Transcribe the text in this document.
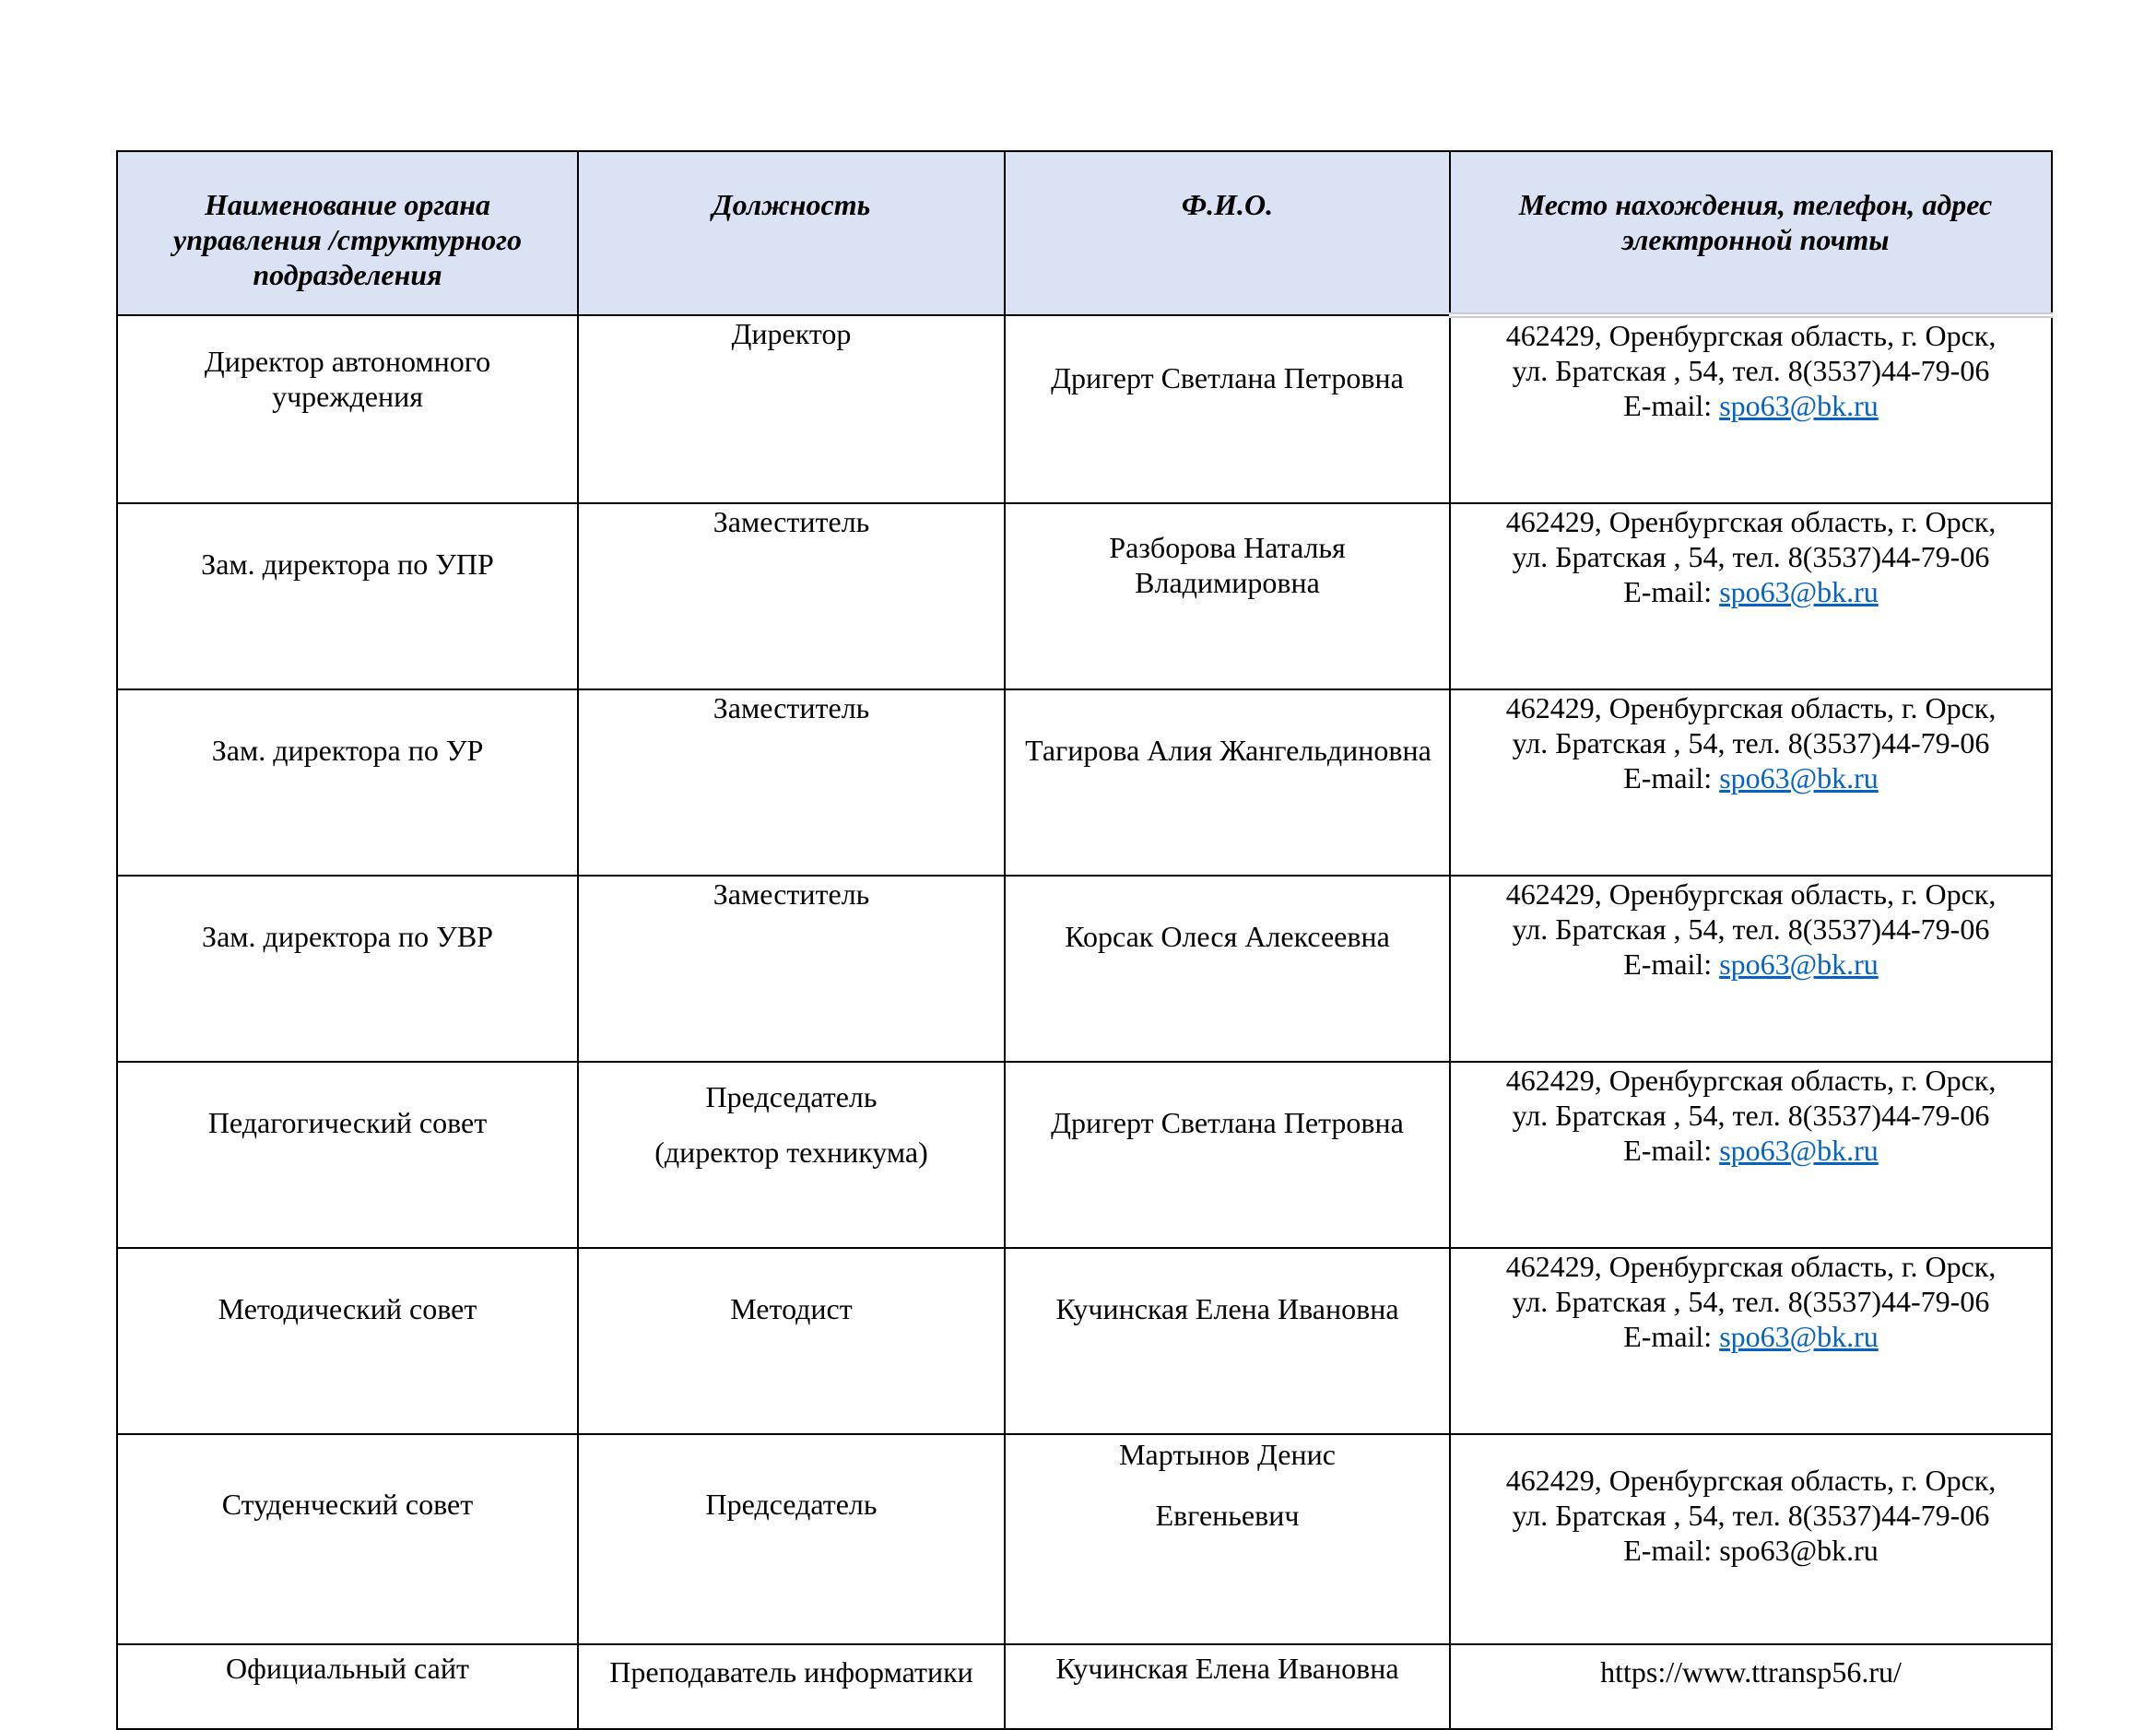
Наименование органа управления /структурного подразделения	Должность	Ф.И.О.	Место нахождения, телефон, адрес электронной почты
Директор автономного учреждения	Директор	Дригерт Светлана Петровна	462429, Оренбургская область, г. Орск,
ул. Братская , 54, тел. 8(3537)44-79-06
E-mail: spo63@bk.ru

Зам. директора по УПР	Заместитель	Разборова Наталья Владимировна	462429, Оренбургская область, г. Орск,
ул. Братская , 54, тел. 8(3537)44-79-06
E-mail: spo63@bk.ru

Зам. директора по УР	Заместитель	Тагирова Алия Жангельдиновна	462429, Оренбургская область, г. Орск,
ул. Братская , 54, тел. 8(3537)44-79-06
E-mail: spo63@bk.ru

Зам. директора по УВР	Заместитель	Корсак Олеся Алексеевна	462429, Оренбургская область, г. Орск,
ул. Братская , 54, тел. 8(3537)44-79-06
E-mail: spo63@bk.ru

Педагогический совет	Председатель
(директор техникума)	Дригерт Светлана Петровна	462429, Оренбургская область, г. Орск,
ул. Братская , 54, тел. 8(3537)44-79-06
E-mail: spo63@bk.ru

Методический совет	Методист	Кучинская Елена Ивановна	462429, Оренбургская область, г. Орск,
ул. Братская , 54, тел. 8(3537)44-79-06
E-mail: spo63@bk.ru

Студенческий совет	Председатель	Мартынов Денис
Евгеньевич	462429, Оренбургская область, г. Орск,
ул. Братская , 54, тел. 8(3537)44-79-06
E-mail: spo63@bk.ru

Официальный сайт	Преподаватель информатики	Кучинская Елена Ивановна	https://www.ttransp56.ru/
